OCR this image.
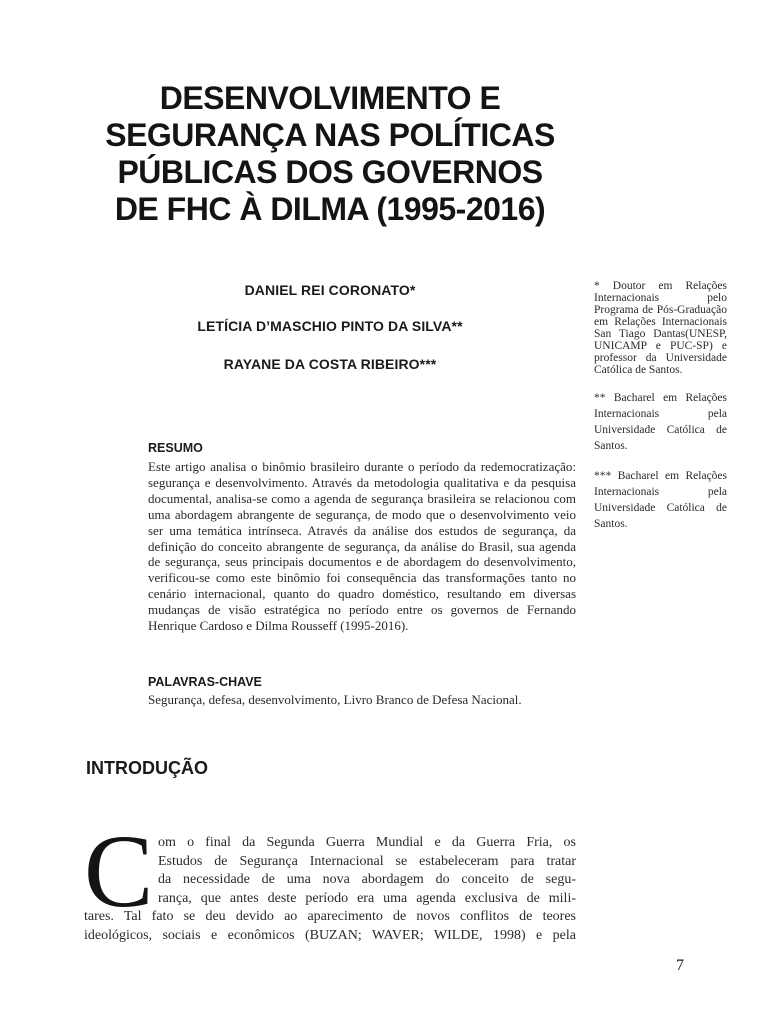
DESENVOLVIMENTO E
SEGURANÇA NAS POLÍTICAS
PÚBLICAS DOS GOVERNOS
DE FHC À DILMA (1995-2016)
DANIEL REI CORONATO*
LETÍCIA D’MASCHIO PINTO DA SILVA**
RAYANE DA COSTA RIBEIRO***

* Doutor em Relações Internacionais pelo Programa de Pós-Graduação em Relações Internacionais San Tiago Dantas(UNESP, UNICAMP e PUC-SP) e professor da Universidade Católica de Santos.

** Bacharel em Relações Internacionais pela Universidade Católica de Santos.

*** Bacharel em Relações Internacionais pela Universidade Católica de Santos.

RESUMO

Este artigo analisa o binômio brasileiro durante o período da redemocratização: segurança e desenvolvimento. Através da metodologia qualitativa e da pesquisa documental, analisa-se como a agenda de segurança brasileira se relacionou com uma abordagem abrangente de segurança, de modo que o desenvolvimento veio ser uma temática intrínseca. Através da análise dos estudos de segurança, da definição do conceito abrangente de segurança, da análise do Brasil, sua agenda de segurança, seus principais documentos e de abordagem do desenvolvimento, verificou-se como este binômio foi consequência das transformações tanto no cenário internacional, quanto do quadro doméstico, resultando em diversas mudanças de visão estratégica no período entre os governos de Fernando Henrique Cardoso e Dilma Rousseff (1995-2016).

PALAVRAS-CHAVE

Segurança, defesa, desenvolvimento, Livro Branco de Defesa Nacional.

INTRODUÇÃO
C om o final da Segunda Guerra Mundial e da Guerra Fria, os
Estudos de Segurança Internacional se estabeleceram para tratar
da necessidade de uma nova abordagem do conceito de segu-
rança, que antes deste período era uma agenda exclusiva de mili-
tares. Tal fato se deu devido ao aparecimento de novos conflitos de teores
ideológicos, sociais e econômicos (BUZAN; WAVER; WILDE, 1998) e pela

7
